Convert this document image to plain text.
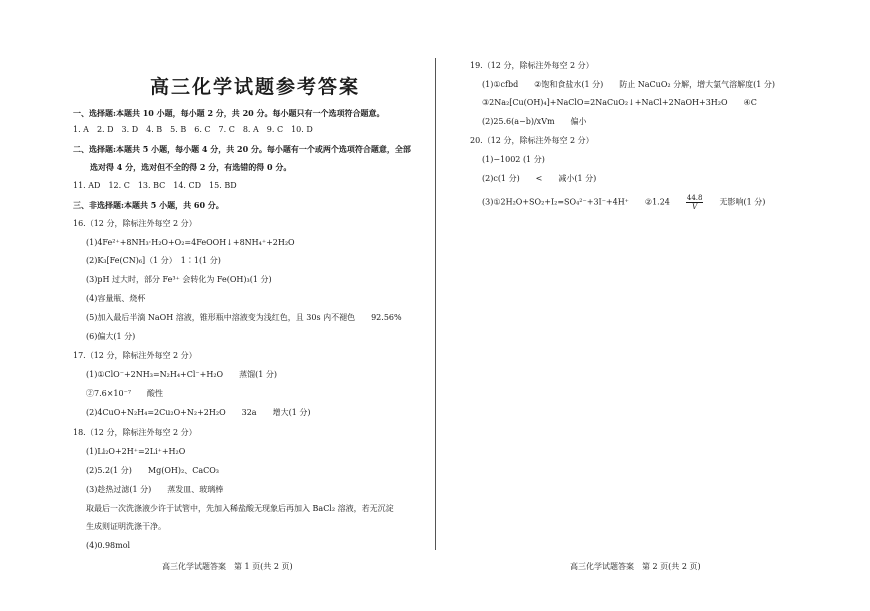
高三化学试题参考答案
一、选择题:本题共 10 小题，每小题 2 分，共 20 分。每小题只有一个选项符合题意。
1. A　2. D　3. D　4. B　5. B　6. C　7. C　8. A　9. C　10. D
二、选择题:本题共 5 小题，每小题 4 分，共 20 分。每小题有一个或两个选项符合题意，全部
选对得 4 分，选对但不全的得 2 分，有选错的得 0 分。
11. AD　12. C　13. BC　14. CD　15. BD
三、非选择题:本题共 5 小题，共 60 分。
16.（12 分，除标注外每空 2 分）
(1)4Fe²⁺+8NH₃·H₂O+O₂=4FeOOH↓+8NH₄⁺+2H₂O
(2)K₃[Fe(CN)₆]（1 分）　1∶1(1 分)
(3)pH 过大时，部分 Fe³⁺ 会转化为 Fe(OH)₃(1 分)
(4)容量瓶、烧杯
(5)加入最后半滴 NaOH 溶液，锥形瓶中溶液变为浅红色，且 30s 内不褪色　　92.56%
(6)偏大(1 分)
17.（12 分，除标注外每空 2 分）
(1)①ClO⁻+2NH₃=N₂H₄+Cl⁻+H₂O　　蒸馏(1 分)
②7.6×10⁻⁷　　酸性
(2)4CuO+N₂H₄=2Cu₂O+N₂+2H₂O　　32a　　增大(1 分)
18.（12 分，除标注外每空 2 分）
(1)Li₂O+2H⁺=2Li⁺+H₂O
(2)5.2(1 分)　　Mg(OH)₂、CaCO₃
(3)趁热过滤(1 分)　　蒸发皿、玻璃棒
取最后一次洗涤液少许于试管中，先加入稀盐酸无现象后再加入 BaCl₂ 溶液，若无沉淀
生成则证明洗涤干净。
(4)0.98mol
高三化学试题答案　第 1 页(共 2 页)
19.（12 分，除标注外每空 2 分）
(1)①cfbd　　②饱和食盐水(1 分)　　防止 NaCuO₂ 分解，增大氯气溶解度(1 分)
③2Na₂[Cu(OH)₄]+NaClO=2NaCuO₂↓+NaCl+2NaOH+3H₂O　　④C
(2)25.6(a−b)/xVm　　偏小
20.（12 分，除标注外每空 2 分）
(1)−1002 (1 分)
(2)c(1 分)　　<　　减小(1 分)
(3)①2H₂O+SO₂+I₂=SO₄²⁻+3I⁻+4H⁺　　②1.24 $\frac{44.8}{V}$ 无影响(1 分)
高三化学试题答案　第 2 页(共 2 页)
